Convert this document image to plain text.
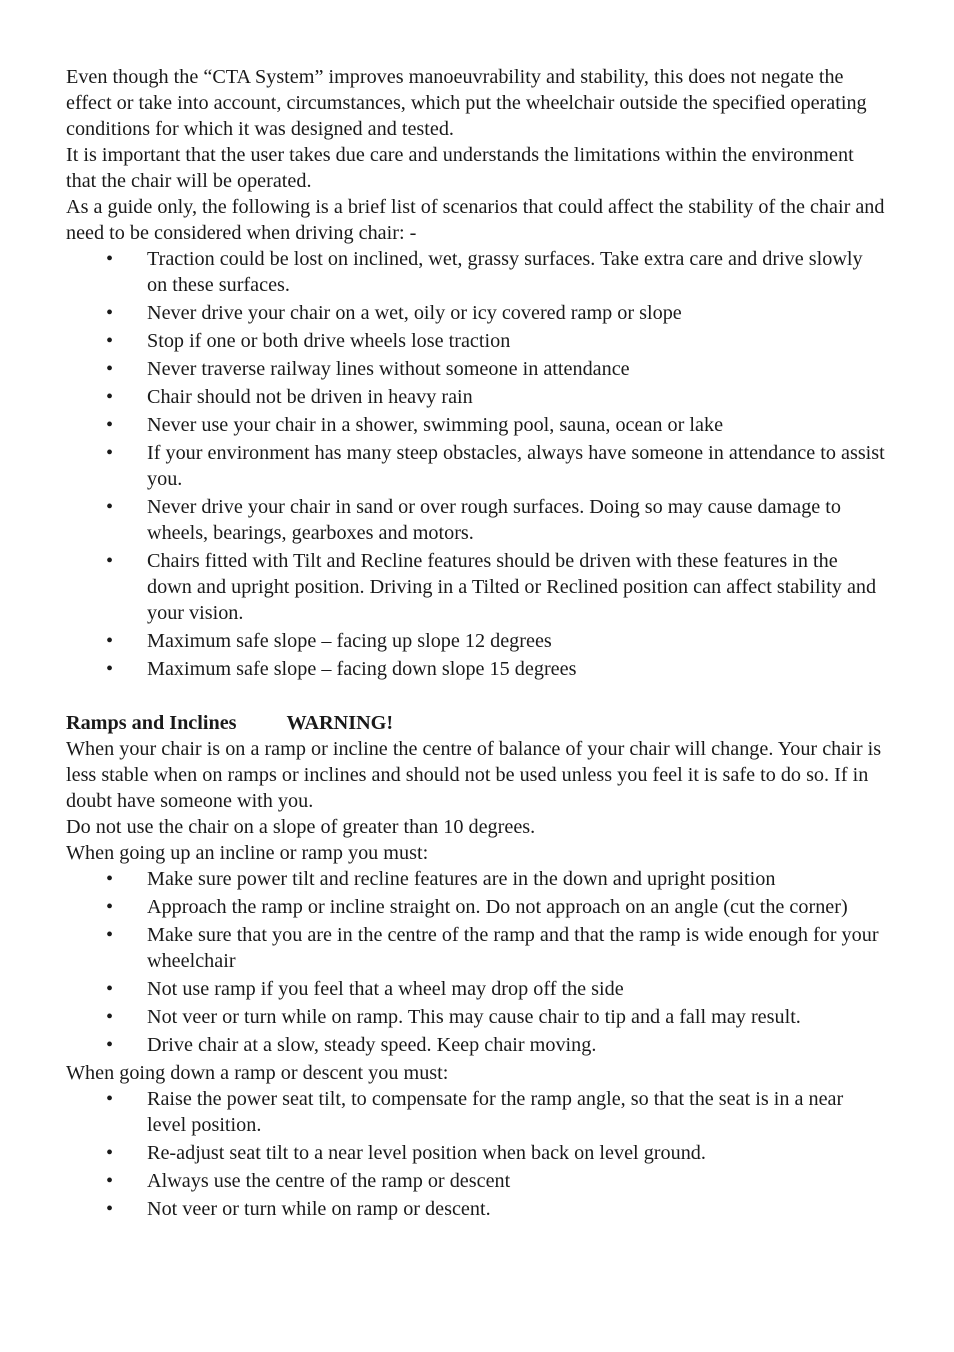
Even though the “CTA System” improves manoeuvrability and stability, this does not negate the effect or take into account, circumstances, which put the wheelchair outside the specified operating conditions for which it was designed and tested.

It is important that the user takes due care and understands the limitations within the environment that the chair will be operated.

As a guide only, the following is a brief list of scenarios that could affect the stability of the chair and need to be considered when driving chair: -

• Traction could be lost on inclined, wet, grassy surfaces. Take extra care and drive slowly on these surfaces.
• Never drive your chair on a wet, oily or icy covered ramp or slope
• Stop if one or both drive wheels lose traction
• Never traverse railway lines without someone in attendance
• Chair should not be driven in heavy rain
• Never use your chair in a shower, swimming pool, sauna, ocean or lake
• If your environment has many steep obstacles, always have someone in attendance to assist you.
• Never drive your chair in sand or over rough surfaces. Doing so may cause damage to wheels, bearings, gearboxes and motors.
• Chairs fitted with Tilt and Recline features should be driven with these features in the down and upright position. Driving in a Tilted or Reclined position can affect stability and your vision.
• Maximum safe slope – facing up slope 12 degrees
• Maximum safe slope – facing down slope 15 degrees

Ramps and Inclines WARNING!

When your chair is on a ramp or incline the centre of balance of your chair will change. Your chair is less stable when on ramps or inclines and should not be used unless you feel it is safe to do so. If in doubt have someone with you.

Do not use the chair on a slope of greater than 10 degrees.

When going up an incline or ramp you must:

• Make sure power tilt and recline features are in the down and upright position
• Approach the ramp or incline straight on. Do not approach on an angle (cut the corner)
• Make sure that you are in the centre of the ramp and that the ramp is wide enough for your wheelchair
• Not use ramp if you feel that a wheel may drop off the side
• Not veer or turn while on ramp. This may cause chair to tip and a fall may result.
• Drive chair at a slow, steady speed. Keep chair moving.

When going down a ramp or descent you must:

• Raise the power seat tilt, to compensate for the ramp angle, so that the seat is in a near level position.
• Re-adjust seat tilt to a near level position when back on level ground.
• Always use the centre of the ramp or descent
• Not veer or turn while on ramp or descent.
